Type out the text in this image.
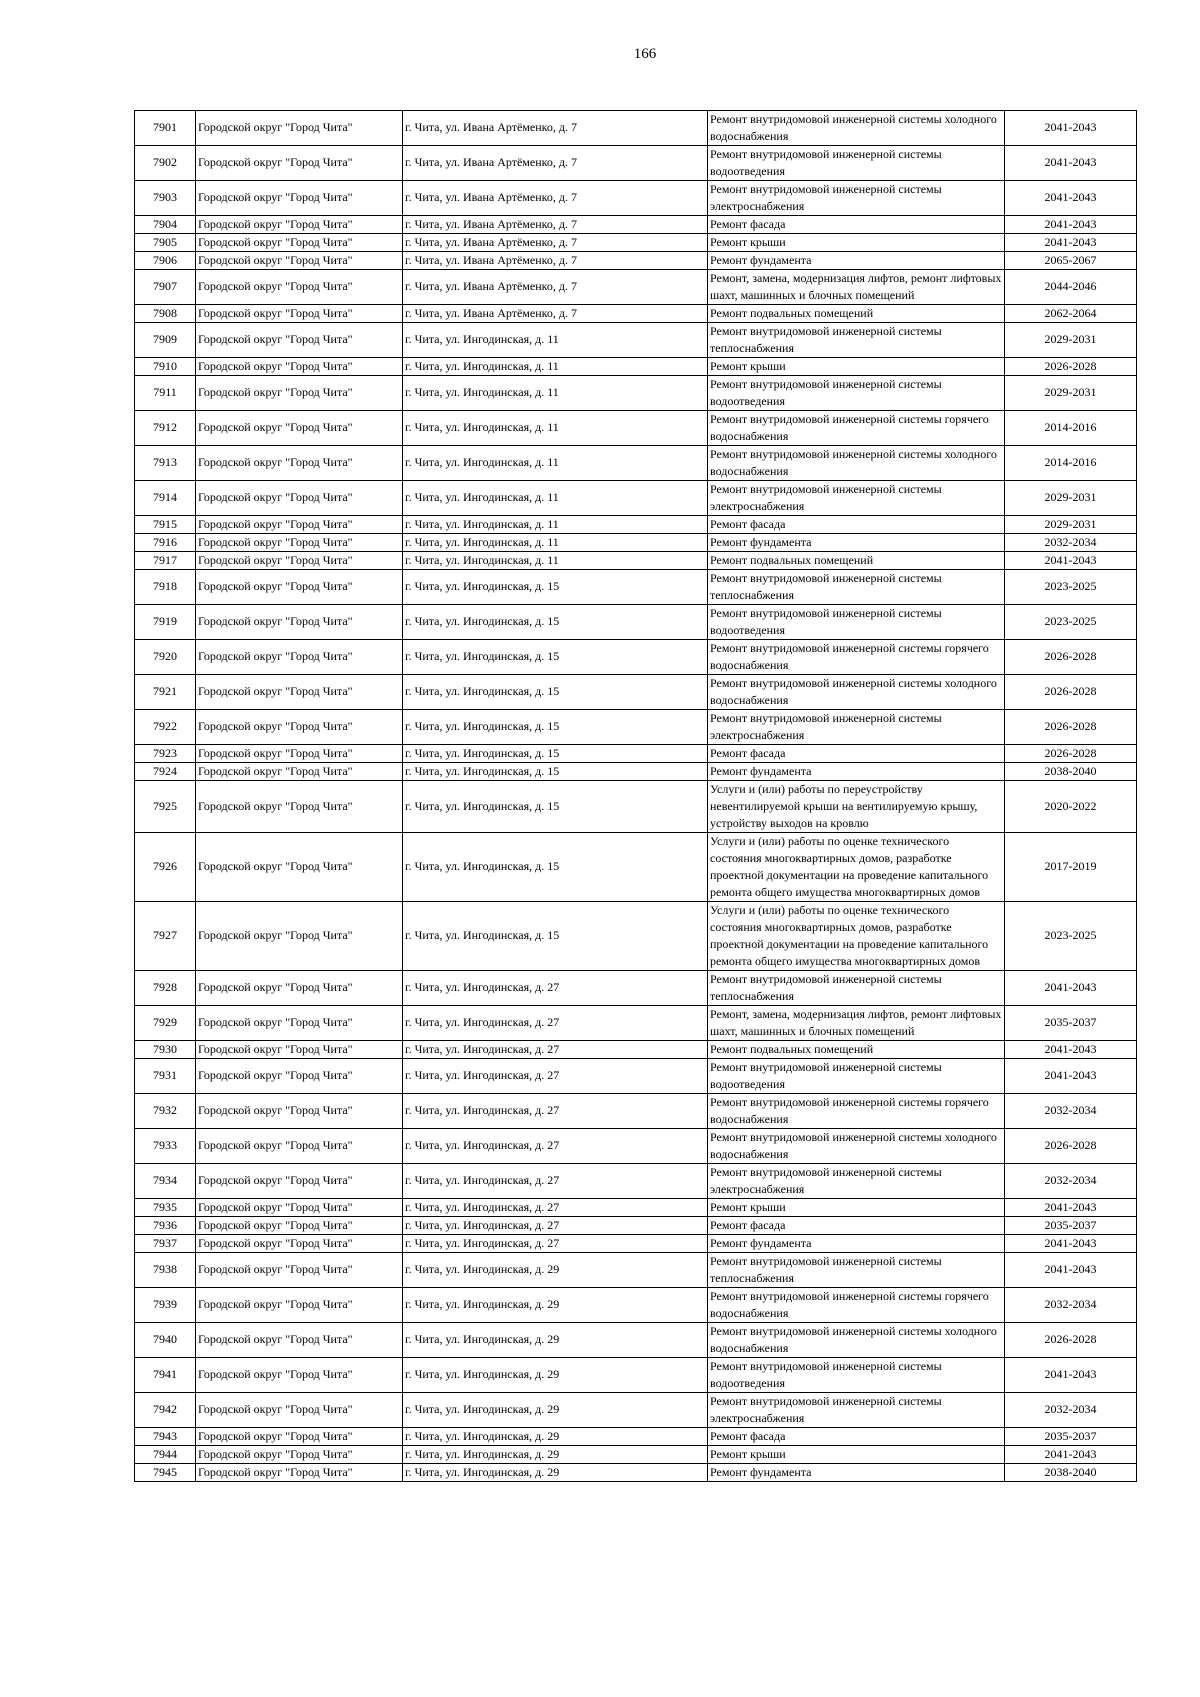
166
7901	Городской округ "Город Чита"	г. Чита, ул. Ивана Артёменко, д. 7	Ремонт внутридомовой инженерной системы холодного водоснабжения	2041-2043
7902	Городской округ "Город Чита"	г. Чита, ул. Ивана Артёменко, д. 7	Ремонт внутридомовой инженерной системы водоотведения	2041-2043
7903	Городской округ "Город Чита"	г. Чита, ул. Ивана Артёменко, д. 7	Ремонт внутридомовой инженерной системы электроснабжения	2041-2043
7904	Городской округ "Город Чита"	г. Чита, ул. Ивана Артёменко, д. 7	Ремонт фасада	2041-2043
7905	Городской округ "Город Чита"	г. Чита, ул. Ивана Артёменко, д. 7	Ремонт крыши	2041-2043
7906	Городской округ "Город Чита"	г. Чита, ул. Ивана Артёменко, д. 7	Ремонт фундамента	2065-2067
7907	Городской округ "Город Чита"	г. Чита, ул. Ивана Артёменко, д. 7	Ремонт, замена, модернизация лифтов, ремонт лифтовых шахт, машинных и блочных помещений	2044-2046
7908	Городской округ "Город Чита"	г. Чита, ул. Ивана Артёменко, д. 7	Ремонт подвальных помещений	2062-2064
7909	Городской округ "Город Чита"	г. Чита, ул. Ингодинская, д. 11	Ремонт внутридомовой инженерной системы теплоснабжения	2029-2031
7910	Городской округ "Город Чита"	г. Чита, ул. Ингодинская, д. 11	Ремонт крыши	2026-2028
7911	Городской округ "Город Чита"	г. Чита, ул. Ингодинская, д. 11	Ремонт внутридомовой инженерной системы водоотведения	2029-2031
7912	Городской округ "Город Чита"	г. Чита, ул. Ингодинская, д. 11	Ремонт внутридомовой инженерной системы горячего водоснабжения	2014-2016
7913	Городской округ "Город Чита"	г. Чита, ул. Ингодинская, д. 11	Ремонт внутридомовой инженерной системы холодного водоснабжения	2014-2016
7914	Городской округ "Город Чита"	г. Чита, ул. Ингодинская, д. 11	Ремонт внутридомовой инженерной системы электроснабжения	2029-2031
7915	Городской округ "Город Чита"	г. Чита, ул. Ингодинская, д. 11	Ремонт фасада	2029-2031
7916	Городской округ "Город Чита"	г. Чита, ул. Ингодинская, д. 11	Ремонт фундамента	2032-2034
7917	Городской округ "Город Чита"	г. Чита, ул. Ингодинская, д. 11	Ремонт подвальных помещений	2041-2043
7918	Городской округ "Город Чита"	г. Чита, ул. Ингодинская, д. 15	Ремонт внутридомовой инженерной системы теплоснабжения	2023-2025
7919	Городской округ "Город Чита"	г. Чита, ул. Ингодинская, д. 15	Ремонт внутридомовой инженерной системы водоотведения	2023-2025
7920	Городской округ "Город Чита"	г. Чита, ул. Ингодинская, д. 15	Ремонт внутридомовой инженерной системы горячего водоснабжения	2026-2028
7921	Городской округ "Город Чита"	г. Чита, ул. Ингодинская, д. 15	Ремонт внутридомовой инженерной системы холодного водоснабжения	2026-2028
7922	Городской округ "Город Чита"	г. Чита, ул. Ингодинская, д. 15	Ремонт внутридомовой инженерной системы электроснабжения	2026-2028
7923	Городской округ "Город Чита"	г. Чита, ул. Ингодинская, д. 15	Ремонт фасада	2026-2028
7924	Городской округ "Город Чита"	г. Чита, ул. Ингодинская, д. 15	Ремонт фундамента	2038-2040
7925	Городской округ "Город Чита"	г. Чита, ул. Ингодинская, д. 15	Услуги и (или) работы по переустройству невентилируемой крыши на вентилируемую крышу, устройству выходов на кровлю	2020-2022
7926	Городской округ "Город Чита"	г. Чита, ул. Ингодинская, д. 15	Услуги и (или) работы по оценке технического состояния многоквартирных домов, разработке проектной документации на проведение капитального ремонта общего имущества многоквартирных домов	2017-2019
7927	Городской округ "Город Чита"	г. Чита, ул. Ингодинская, д. 15	Услуги и (или) работы по оценке технического состояния многоквартирных домов, разработке проектной документации на проведение капитального ремонта общего имущества многоквартирных домов	2023-2025
7928	Городской округ "Город Чита"	г. Чита, ул. Ингодинская, д. 27	Ремонт внутридомовой инженерной системы теплоснабжения	2041-2043
7929	Городской округ "Город Чита"	г. Чита, ул. Ингодинская, д. 27	Ремонт, замена, модернизация лифтов, ремонт лифтовых шахт, машинных и блочных помещений	2035-2037
7930	Городской округ "Город Чита"	г. Чита, ул. Ингодинская, д. 27	Ремонт подвальных помещений	2041-2043
7931	Городской округ "Город Чита"	г. Чита, ул. Ингодинская, д. 27	Ремонт внутридомовой инженерной системы водоотведения	2041-2043
7932	Городской округ "Город Чита"	г. Чита, ул. Ингодинская, д. 27	Ремонт внутридомовой инженерной системы горячего водоснабжения	2032-2034
7933	Городской округ "Город Чита"	г. Чита, ул. Ингодинская, д. 27	Ремонт внутридомовой инженерной системы холодного водоснабжения	2026-2028
7934	Городской округ "Город Чита"	г. Чита, ул. Ингодинская, д. 27	Ремонт внутридомовой инженерной системы электроснабжения	2032-2034
7935	Городской округ "Город Чита"	г. Чита, ул. Ингодинская, д. 27	Ремонт крыши	2041-2043
7936	Городской округ "Город Чита"	г. Чита, ул. Ингодинская, д. 27	Ремонт фасада	2035-2037
7937	Городской округ "Город Чита"	г. Чита, ул. Ингодинская, д. 27	Ремонт фундамента	2041-2043
7938	Городской округ "Город Чита"	г. Чита, ул. Ингодинская, д. 29	Ремонт внутридомовой инженерной системы теплоснабжения	2041-2043
7939	Городской округ "Город Чита"	г. Чита, ул. Ингодинская, д. 29	Ремонт внутридомовой инженерной системы горячего водоснабжения	2032-2034
7940	Городской округ "Город Чита"	г. Чита, ул. Ингодинская, д. 29	Ремонт внутридомовой инженерной системы холодного водоснабжения	2026-2028
7941	Городской округ "Город Чита"	г. Чита, ул. Ингодинская, д. 29	Ремонт внутридомовой инженерной системы водоотведения	2041-2043
7942	Городской округ "Город Чита"	г. Чита, ул. Ингодинская, д. 29	Ремонт внутридомовой инженерной системы электроснабжения	2032-2034
7943	Городской округ "Город Чита"	г. Чита, ул. Ингодинская, д. 29	Ремонт фасада	2035-2037
7944	Городской округ "Город Чита"	г. Чита, ул. Ингодинская, д. 29	Ремонт крыши	2041-2043
7945	Городской округ "Город Чита"	г. Чита, ул. Ингодинская, д. 29	Ремонт фундамента	2038-2040
